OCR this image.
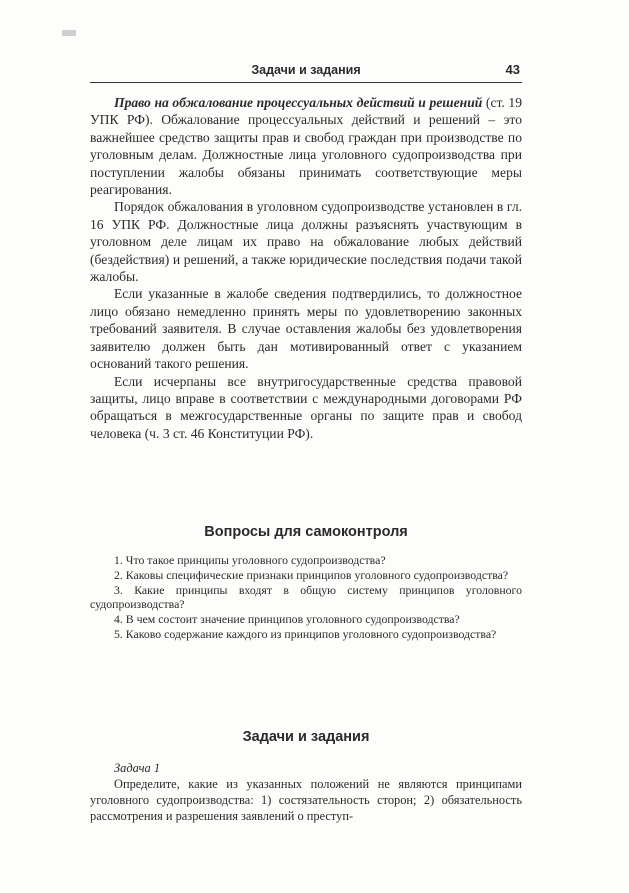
Задачи и задания	43

Право на обжалование процессуальных действий и решений (ст. 19 УПК РФ). Обжалование процессуальных действий и решений – это важнейшее средство защиты прав и свобод граждан при производстве по уголовным делам. Должностные лица уголовного судопроизводства при поступлении жалобы обязаны принимать соответствующие меры реагирования.

Порядок обжалования в уголовном судопроизводстве установлен в гл. 16 УПК РФ. Должностные лица должны разъяснять участвующим в уголовном деле лицам их право на обжалование любых действий (бездействия) и решений, а также юридические последствия подачи такой жалобы.

Если указанные в жалобе сведения подтвердились, то должностное лицо обязано немедленно принять меры по удовлетворению законных требований заявителя. В случае оставления жалобы без удовлетворения заявителю должен быть дан мотивированный ответ с указанием оснований такого решения.

Если исчерпаны все внутригосударственные средства правовой защиты, лицо вправе в соответствии с международными договорами РФ обращаться в межгосударственные органы по защите прав и свобод человека (ч. 3 ст. 46 Конституции РФ).

Вопросы для самоконтроля

1. Что такое принципы уголовного судопроизводства?

2. Каковы специфические признаки принципов уголовного судопроизводства?

3. Какие принципы входят в общую систему принципов уголовного судопроизводства?

4. В чем состоит значение принципов уголовного судопроизводства?

5. Каково содержание каждого из принципов уголовного судопроизводства?

Задачи и задания

Задача 1

Определите, какие из указанных положений не являются принципами уголовного судопроизводства: 1) состязательность сторон; 2) обязательность рассмотрения и разрешения заявлений о преступ-
